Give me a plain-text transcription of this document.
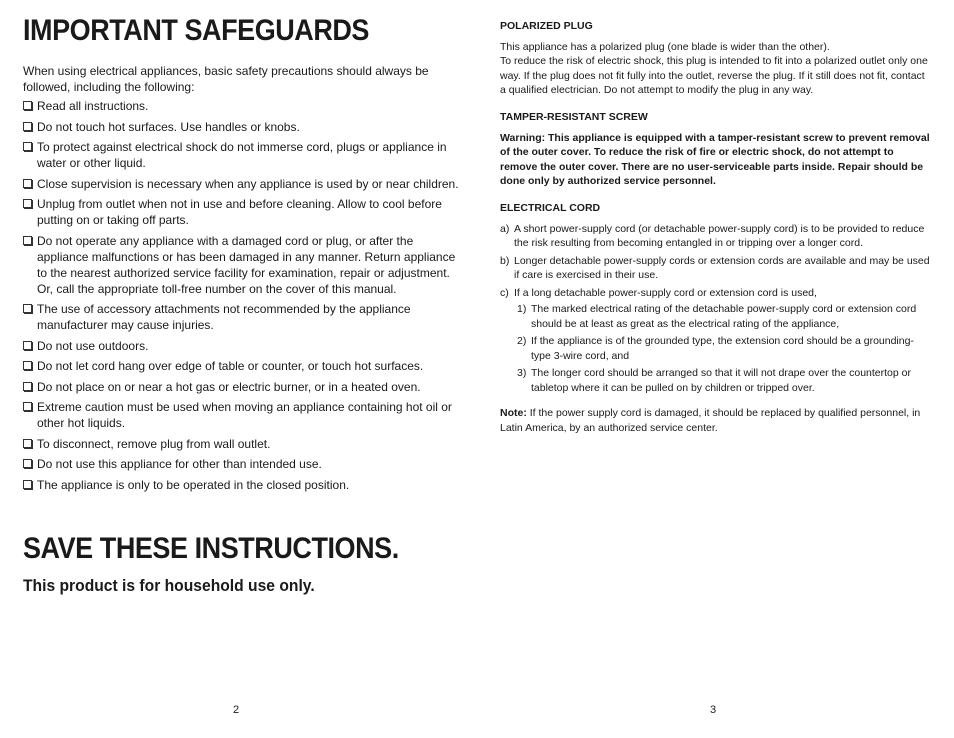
IMPORTANT SAFEGUARDS
When using electrical appliances, basic safety precautions should always be followed, including the following:
Read all instructions.
Do not touch hot surfaces. Use handles or knobs.
To protect against electrical shock do not immerse cord, plugs or appliance in water or other liquid.
Close supervision is necessary when any appliance is used by or near children.
Unplug from outlet when not in use and before cleaning. Allow to cool before putting on or taking off parts.
Do not operate any appliance with a damaged cord or plug, or after the appliance malfunctions or has been damaged in any manner. Return appliance to the nearest authorized service facility for examination, repair or adjustment. Or, call the appropriate toll-free number on the cover of this manual.
The use of accessory attachments not recommended by the appliance manufacturer may cause injuries.
Do not use outdoors.
Do not let cord hang over edge of table or counter, or touch hot surfaces.
Do not place on or near a hot gas or electric burner, or in a heated oven.
Extreme caution must be used when moving an appliance containing hot oil or other hot liquids.
To disconnect, remove plug from wall outlet.
Do not use this appliance for other than intended use.
The appliance is only to be operated in the closed position.
SAVE THESE INSTRUCTIONS.
This product is for household use only.
2
POLARIZED PLUG

This appliance has a polarized plug (one blade is wider than the other).

To reduce the risk of electric shock, this plug is intended to fit into a polarized outlet only one way. If the plug does not fit fully into the outlet, reverse the plug. If it still does not fit, contact a qualified electrician. Do not attempt to modify the plug in any way.

TAMPER-RESISTANT SCREW

Warning: This appliance is equipped with a tamper-resistant screw to prevent removal of the outer cover. To reduce the risk of fire or electric shock, do not attempt to remove the outer cover. There are no user-serviceable parts inside. Repair should be done only by authorized service personnel.

ELECTRICAL CORD
a) A short power-supply cord (or detachable power-supply cord) is to be provided to reduce the risk resulting from becoming entangled in or tripping over a longer cord.
b) Longer detachable power-supply cords or extension cords are available and may be used if care is exercised in their use.
c) If a long detachable power-supply cord or extension cord is used,
1) The marked electrical rating of the detachable power-supply cord or extension cord should be at least as great as the electrical rating of the appliance,
2) If the appliance is of the grounded type, the extension cord should be a grounding-type 3-wire cord, and
3) The longer cord should be arranged so that it will not drape over the countertop or tabletop where it can be pulled on by children or tripped over.

Note: If the power supply cord is damaged, it should be replaced by qualified personnel, in Latin America, by an authorized service center.

3
